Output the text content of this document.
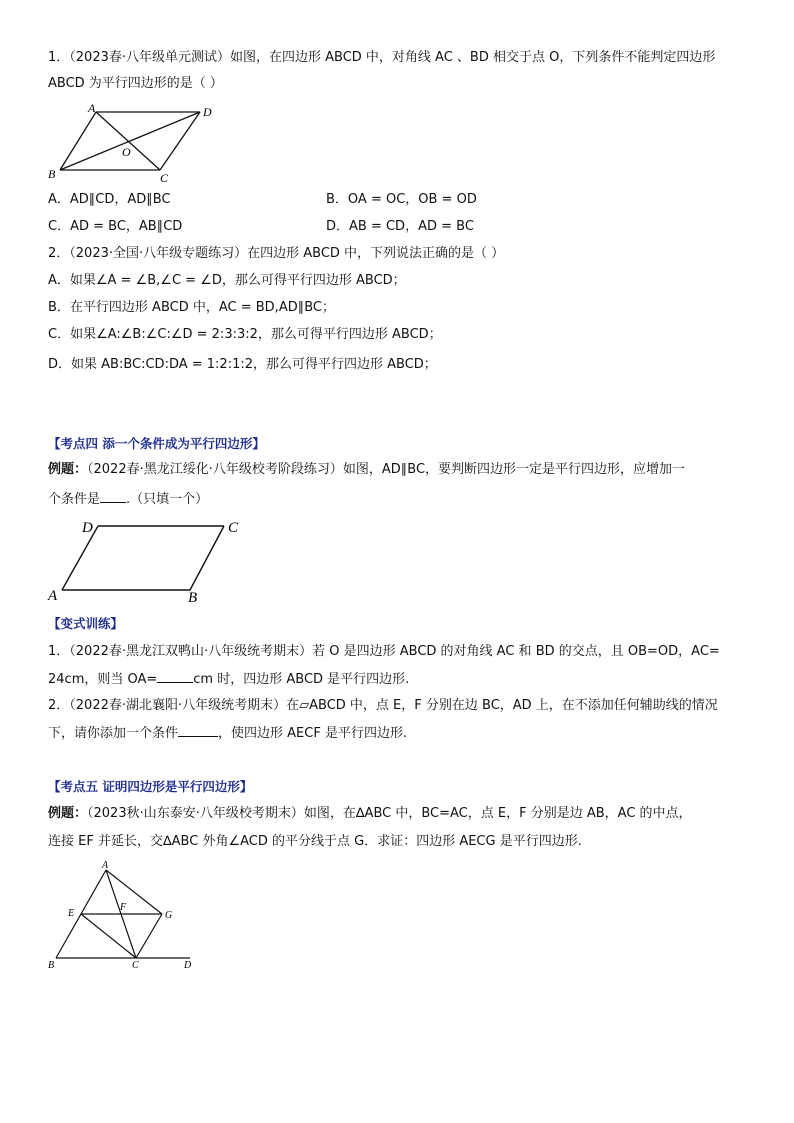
1．（2023春·八年级单元测试）如图，在四边形 ABCD 中，对角线 AC 、BD 相交于点 O，下列条件不能判定四边形
ABCD 为平行四边形的是（ ）
A	D
B	C
O
A．AD∥CD，AD∥BC	B．OA = OC，OB = OD
C．AD = BC，AB∥CD	D．AB = CD，AD = BC
2．（2023·全国·八年级专题练习）在四边形 ABCD 中，下列说法正确的是（ ）
A．如果∠A = ∠B,∠C = ∠D，那么可得平行四边形 ABCD；
B．在平行四边形 ABCD 中，AC = BD,AD∥BC；
C．如果∠A:∠B:∠C:∠D = 2:3:3:2，那么可得平行四边形 ABCD；
D．如果 AB:BC:CD:DA = 1:2:1:2，那么可得平行四边形 ABCD；
【考点四 添一个条件成为平行四边形】
例题：（2022春·黑龙江绥化·八年级校考阶段练习）如图，AD∥BC，要判断四边形一定是平行四边形，应增加一
个条件是 .（只填一个）
D	C
A	B
【变式训练】
1．（2022春·黑龙江双鸭山·八年级统考期末）若 O 是四边形 ABCD 的对角线 AC 和 BD 的交点，且 OB=OD，AC=
24cm，则当 OA=	cm 时，四边形 ABCD 是平行四边形.
2．（2022春·湖北襄阳·八年级统考期末）在▱ABCD 中，点 E，F 分别在边 BC，AD 上，在不添加任何辅助线的情况
下，请你添加一个条件	，使四边形 AECF 是平行四边形.
【考点五 证明四边形是平行四边形】
例题：（2023秋·山东泰安·八年级校考期末）如图，在∆ABC 中，BC=AC，点 E，F 分别是边 AB，AC 的中点，
连接 EF 并延长，交∆ABC 外角∠ACD 的平分线于点 G．求证：四边形 AECG 是平行四边形.
A
E
F
G
B	C	D
